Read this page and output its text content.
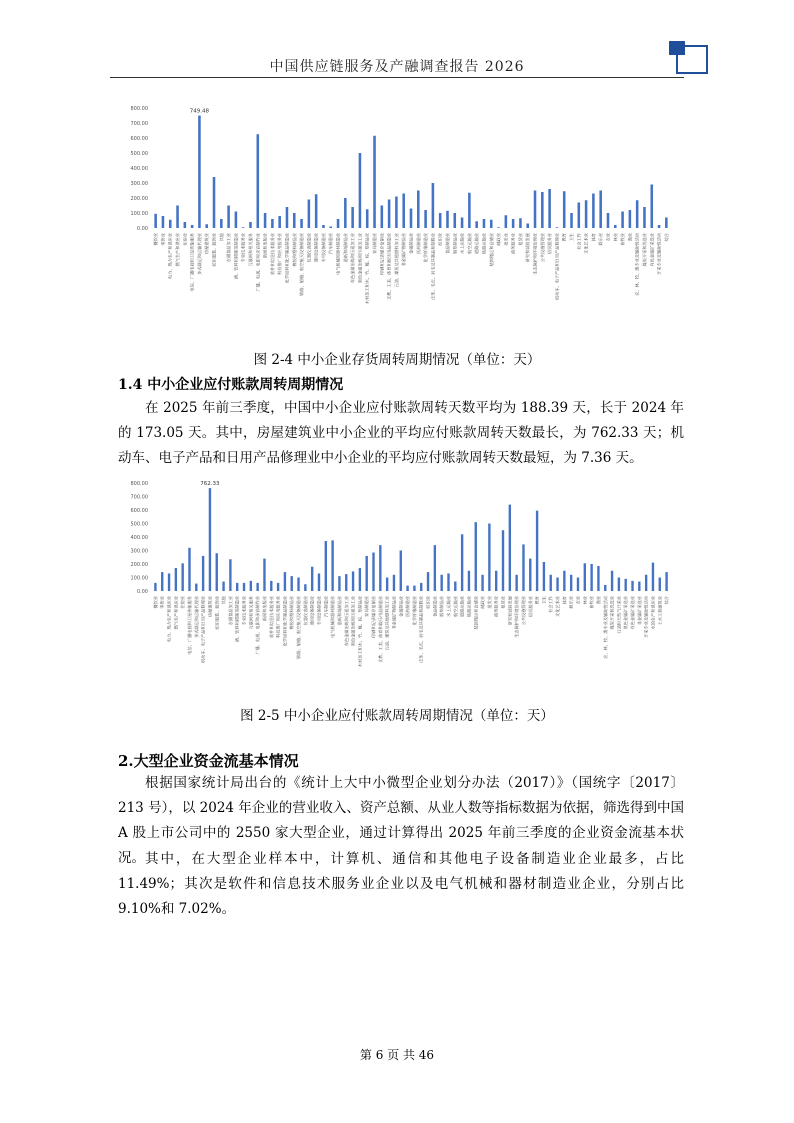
中国供应链服务及产融调查报告 2026
0.00
100.00
200.00
300.00
400.00
500.00
600.00
700.00
800.00
餐饮业 零售业 电力、热力生产和供应业 燃气生产和供应业 住宿业 电信、广播电视和卫星传输服务 多式联运和运输代理业 房屋建筑业 纺织服装、服饰业 其他 农副食品加工业 酒、饮料和精制茶制造业 专业技术服务业 互联网和相关服务 广播、电视、电影和录音制作业 新闻和出版业 软件和信息技术服务业 科技推广和应用服务业 化学原料和化学制品制造业 橡胶和塑料制品业 铁路、船舶、航空航天设备制造业 仪器仪表制造业 通用设备制造业 专用设备制造业 汽车制造业 电气机械和器材制造业 造纸和纸制品业 有色金属冶炼和压延加工业 黑色金属冶炼和压延加工业 木材加工和木、竹、藤、棕、草制品业 家具制造业 印刷和记录媒介复制业 文教、工美、体育和娱乐用品制造业 石油、煤炭及其他燃料加工业 非金属矿物制品业 金属制品业 医药制造业 化学纤维制造业 皮革、毛皮、羽毛及其制品和制鞋业 纺织业 食品制造业 烟草制品业 水上运输业 航空运输业 道路运输业 铁路运输业 装卸搬运和仓储业 邮政业 批发业 商务服务业 租赁业 研究和试验发展 生态保护和环境治理业 公共设施管理业 居民服务业 机动车、电子产品和日用产品修理业 教育 卫生 社会工作 文化艺术业 体育 娱乐业 农业 林业 畜牧业 渔业 农、林、牧、渔专业及辅助性活动 煤炭开采和洗选业 有色金属矿采选业 开采专业及辅助性活动 综合
749.48
图 2-4 中小企业存货周转周期情况（单位：天）
1.4 中小企业应付账款周转周期情况
在 2025 年前三季度，中国中小企业应付账款周转天数平均为 188.39 天，长于 2024 年的 173.05 天。其中，房屋建筑业中小企业的平均应付账款周转天数最长，为 762.33 天；机动车、电子产品和日用产品修理业中小企业的平均应付账款周转天数最短，为 7.36 天。
0.00
100.00
200.00
300.00
400.00
500.00
600.00
700.00
800.00
餐饮业 零售业 电力、热力生产和供应业 燃气生产和供应业 住宿业 电信、广播电视和卫星传输服务 多式联运和运输代理业 机动车、电子产品和日用产品修理业 房屋建筑业 纺织服装、服饰业 其他 农副食品加工业 酒、饮料和精制茶制造业 专业技术服务业 互联网和相关服务 广播、电视、电影和录音制作业 新闻和出版业 软件和信息技术服务业 科技推广和应用服务业 化学原料和化学制品制造业 橡胶和塑料制品业 铁路、船舶、航空航天设备制造业 仪器仪表制造业 通用设备制造业 专用设备制造业 汽车制造业 电气机械和器材制造业 造纸和纸制品业 有色金属冶炼和压延加工业 黑色金属冶炼和压延加工业 木材加工和木、竹、藤、棕、草制品业 家具制造业 印刷和记录媒介复制业 文教、工美、体育和娱乐用品制造业 石油、煤炭及其他燃料加工业 非金属矿物制品业 金属制品业 医药制造业 化学纤维制造业 皮革、毛皮、羽毛及其制品和制鞋业 纺织业 食品制造业 烟草制品业 水上运输业 航空运输业 道路运输业 铁路运输业 装卸搬运和仓储业 邮政业 批发业 商务服务业 租赁业 研究和试验发展 生态保护和环境治理业 公共设施管理业 居民服务业 教育 卫生 社会工作 文化艺术业 体育 娱乐业 农业 林业 畜牧业 渔业 农、林、牧、渔专业及辅助性活动 煤炭开采和洗选业 石油和天然气开采业 黑色金属矿采选业 有色金属矿采选业 非金属矿采选业 开采专业及辅助性活动 水的生产和供应业 土木工程建筑业 综合
762.33
图 2-5 中小企业应付账款周转周期情况（单位：天）
2.大型企业资金流基本情况
根据国家统计局出台的《统计上大中小微型企业划分办法（2017）》（国统字〔2017〕213 号），以 2024 年企业的营业收入、资产总额、从业人数等指标数据为依据，筛选得到中国 A 股上市公司中的 2550 家大型企业，通过计算得出 2025 年前三季度的企业资金流基本状况。 其中，在大型企业样本中，计算机、通信和其他电子设备制造业企业最多，占比 11.49%；其次是软件和信息技术服务业企业以及电气机械和器材制造业企业，分别占比 9.10%和 7.02%。
第 6 页 共 46
